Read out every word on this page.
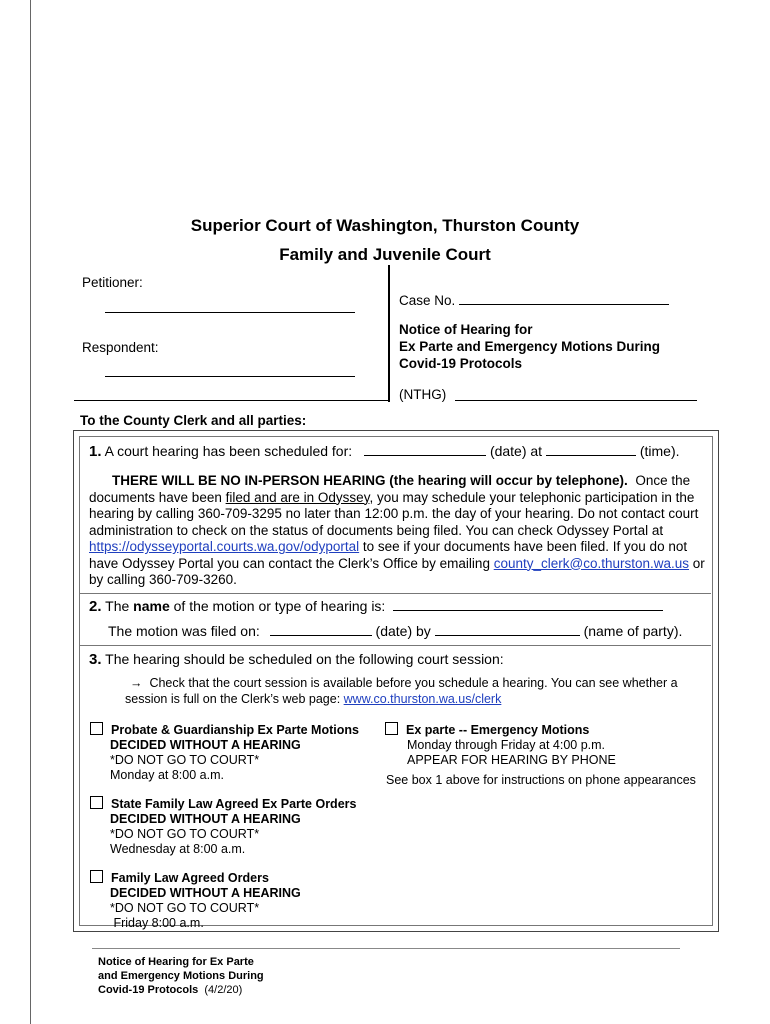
Superior Court of Washington, Thurston County
Family and Juvenile Court
Petitioner:
Respondent:
Case No.
Notice of Hearing for
Ex Parte and Emergency Motions During
Covid-19 Protocols
(NTHG)
To the County Clerk and all parties:
1. A court hearing has been scheduled for:	(date) at	(time).
THERE WILL BE NO IN-PERSON HEARING (the hearing will occur by telephone). Once the
documents have been filed and are in Odyssey, you may schedule your telephonic participation in the
hearing by calling 360-709-3295 no later than 12:00 p.m. the day of your hearing. Do not contact court
administration to check on the status of documents being filed. You can check Odyssey Portal at
https://odysseyportal.courts.wa.gov/odyportal to see if your documents have been filed. If you do not
have Odyssey Portal you can contact the Clerk’s Office by emailing county_clerk@co.thurston.wa.us or
by calling 360-709-3260.
2. The name of the motion or type of hearing is:
The motion was filed on:	(date) by	(name of party).
3. The hearing should be scheduled on the following court session:
→ Check that the court session is available before you schedule a hearing. You can see whether a
session is full on the Clerk’s web page: www.co.thurston.wa.us/clerk
Probate & Guardianship Ex Parte Motions
DECIDED WITHOUT A HEARING
*DO NOT GO TO COURT*
Monday at 8:00 a.m.
Ex parte -- Emergency Motions
Monday through Friday at 4:00 p.m.
APPEAR FOR HEARING BY PHONE
See box 1 above for instructions on phone appearances
State Family Law Agreed Ex Parte Orders
DECIDED WITHOUT A HEARING
*DO NOT GO TO COURT*
Wednesday at 8:00 a.m.
Family Law Agreed Orders
DECIDED WITHOUT A HEARING
*DO NOT GO TO COURT*
Friday 8:00 a.m.
Notice of Hearing for Ex Parte
and Emergency Motions During
Covid-19 Protocols (4/2/20)
